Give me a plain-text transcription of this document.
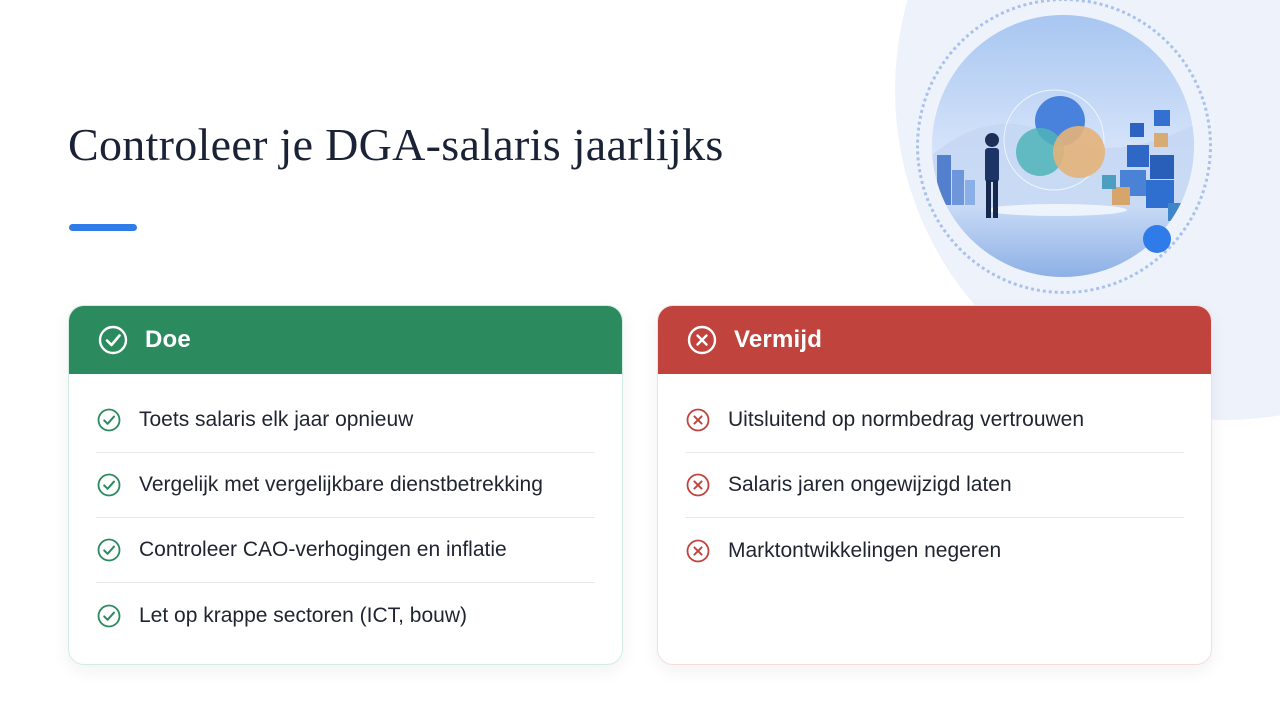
Controleer je DGA-salaris jaarlijks
Doe
Toets salaris elk jaar opnieuw
Vergelijk met vergelijkbare dienstbetrekking
Controleer CAO-verhogingen en inflatie
Let op krappe sectoren (ICT, bouw)
Vermijd
Uitsluitend op normbedrag vertrouwen
Salaris jaren ongewijzigd laten
Marktontwikkelingen negeren
